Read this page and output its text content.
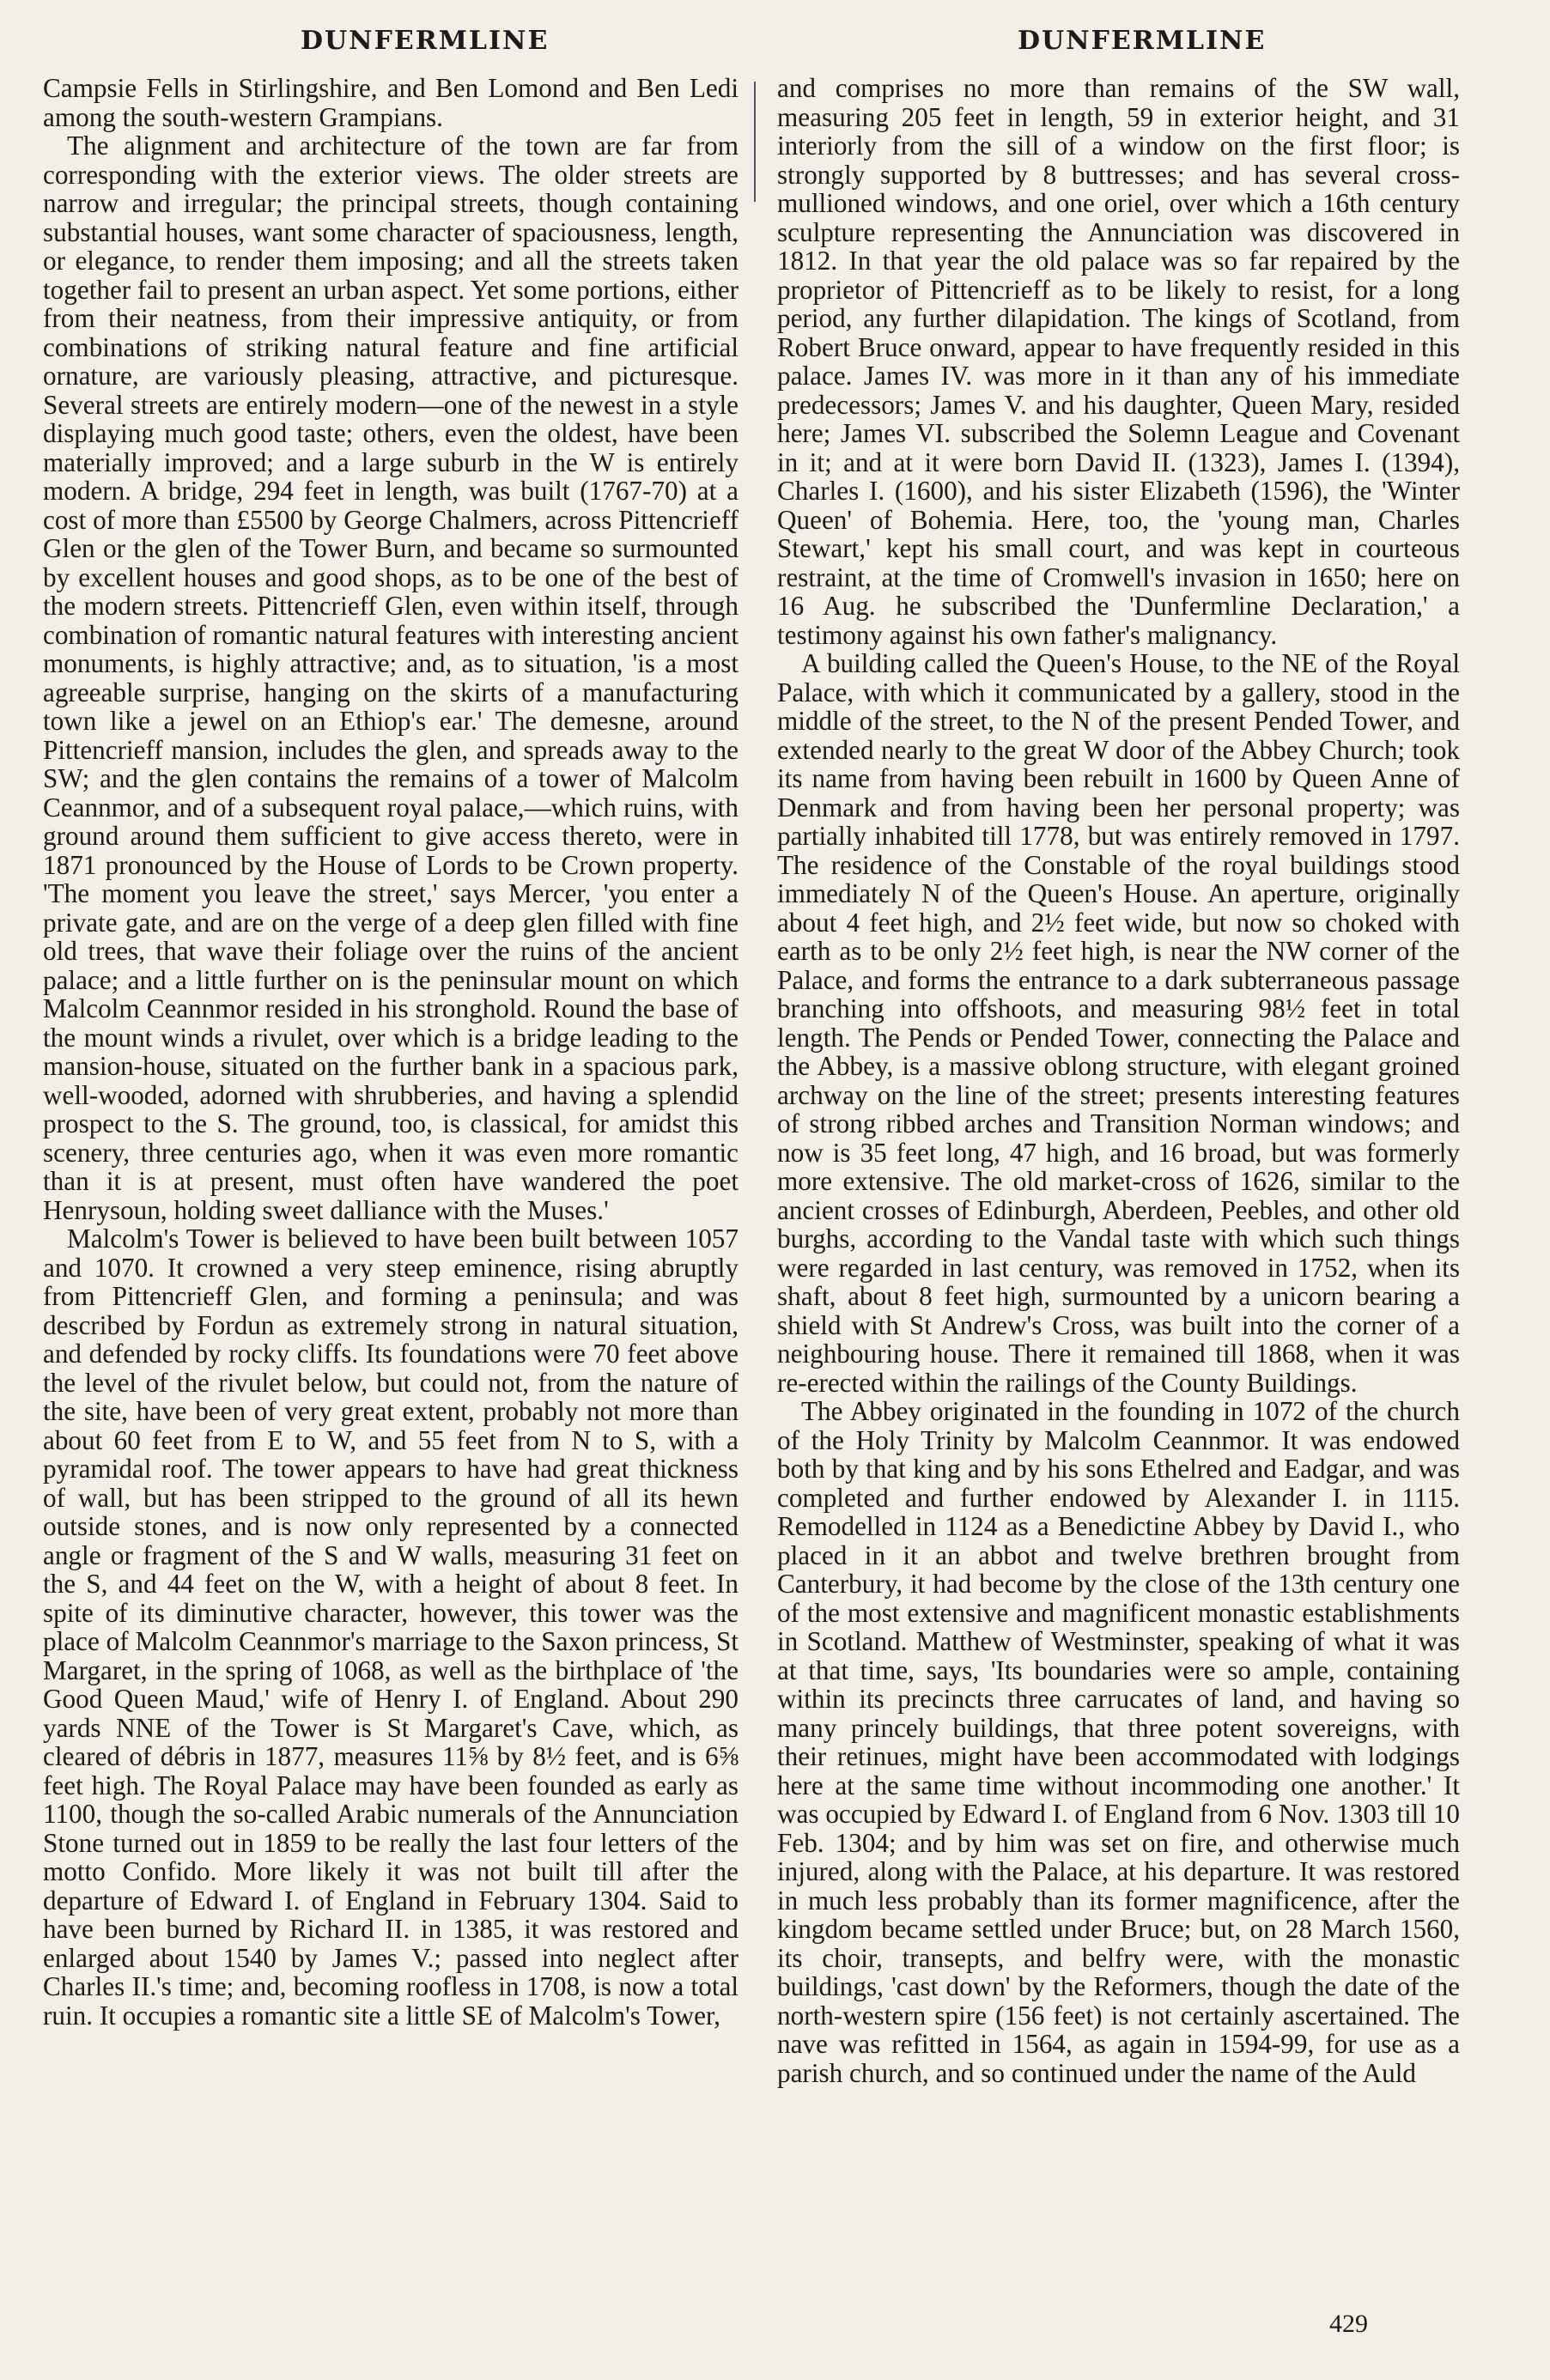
DUNFERMLINE	DUNFERMLINE

Campsie Fells in Stirlingshire, and Ben Lomond and Ben Ledi among the south-western Grampians.

The alignment and architecture of the town are far from corresponding with the exterior views. The older streets are narrow and irregular; the principal streets, though containing substantial houses, want some character of spaciousness, length, or elegance, to render them imposing; and all the streets taken together fail to present an urban aspect. Yet some portions, either from their neatness, from their impressive antiquity, or from combinations of striking natural feature and fine artificial ornature, are variously pleasing, attractive, and picturesque. Several streets are entirely modern—one of the newest in a style displaying much good taste; others, even the oldest, have been materially improved; and a large suburb in the W is entirely modern. A bridge, 294 feet in length, was built (1767-70) at a cost of more than £5500 by George Chalmers, across Pittencrieff Glen or the glen of the Tower Burn, and became so surmounted by excellent houses and good shops, as to be one of the best of the modern streets. Pittencrieff Glen, even within itself, through combination of romantic natural features with interesting ancient monuments, is highly attractive; and, as to situation, 'is a most agreeable surprise, hanging on the skirts of a manufacturing town like a jewel on an Ethiop's ear.' The demesne, around Pittencrieff mansion, includes the glen, and spreads away to the SW; and the glen contains the remains of a tower of Malcolm Ceannmor, and of a subsequent royal palace,—which ruins, with ground around them sufficient to give access thereto, were in 1871 pronounced by the House of Lords to be Crown property. 'The moment you leave the street,' says Mercer, 'you enter a private gate, and are on the verge of a deep glen filled with fine old trees, that wave their foliage over the ruins of the ancient palace; and a little further on is the peninsular mount on which Malcolm Ceannmor resided in his stronghold. Round the base of the mount winds a rivulet, over which is a bridge leading to the mansion-house, situated on the further bank in a spacious park, well-wooded, adorned with shrubberies, and having a splendid prospect to the S. The ground, too, is classical, for amidst this scenery, three centuries ago, when it was even more romantic than it is at present, must often have wandered the poet Henrysoun, holding sweet dalliance with the Muses.'

Malcolm's Tower is believed to have been built between 1057 and 1070. It crowned a very steep eminence, rising abruptly from Pittencrieff Glen, and forming a peninsula; and was described by Fordun as extremely strong in natural situation, and defended by rocky cliffs. Its foundations were 70 feet above the level of the rivulet below, but could not, from the nature of the site, have been of very great extent, probably not more than about 60 feet from E to W, and 55 feet from N to S, with a pyramidal roof. The tower appears to have had great thickness of wall, but has been stripped to the ground of all its hewn outside stones, and is now only represented by a connected angle or fragment of the S and W walls, measuring 31 feet on the S, and 44 feet on the W, with a height of about 8 feet. In spite of its diminutive character, however, this tower was the place of Malcolm Ceannmor's marriage to the Saxon princess, St Margaret, in the spring of 1068, as well as the birthplace of 'the Good Queen Maud,' wife of Henry I. of England. About 290 yards NNE of the Tower is St Margaret's Cave, which, as cleared of débris in 1877, measures 11⅝ by 8½ feet, and is 6⅝ feet high. The Royal Palace may have been founded as early as 1100, though the so-called Arabic numerals of the Annunciation Stone turned out in 1859 to be really the last four letters of the motto Confido. More likely it was not built till after the departure of Edward I. of England in February 1304. Said to have been burned by Richard II. in 1385, it was restored and enlarged about 1540 by James V.; passed into neglect after Charles II.'s time; and, becoming roofless in 1708, is now a total ruin. It occupies a romantic site a little SE of Malcolm's Tower,

and comprises no more than remains of the SW wall, measuring 205 feet in length, 59 in exterior height, and 31 interiorly from the sill of a window on the first floor; is strongly supported by 8 buttresses; and has several cross-mullioned windows, and one oriel, over which a 16th century sculpture representing the Annunciation was discovered in 1812. In that year the old palace was so far repaired by the proprietor of Pittencrieff as to be likely to resist, for a long period, any further dilapidation. The kings of Scotland, from Robert Bruce onward, appear to have frequently resided in this palace. James IV. was more in it than any of his immediate predecessors; James V. and his daughter, Queen Mary, resided here; James VI. subscribed the Solemn League and Covenant in it; and at it were born David II. (1323), James I. (1394), Charles I. (1600), and his sister Elizabeth (1596), the 'Winter Queen' of Bohemia. Here, too, the 'young man, Charles Stewart,' kept his small court, and was kept in courteous restraint, at the time of Cromwell's invasion in 1650; here on 16 Aug. he subscribed the 'Dunfermline Declaration,' a testimony against his own father's malignancy.

A building called the Queen's House, to the NE of the Royal Palace, with which it communicated by a gallery, stood in the middle of the street, to the N of the present Pended Tower, and extended nearly to the great W door of the Abbey Church; took its name from having been rebuilt in 1600 by Queen Anne of Denmark and from having been her personal property; was partially inhabited till 1778, but was entirely removed in 1797. The residence of the Constable of the royal buildings stood immediately N of the Queen's House. An aperture, originally about 4 feet high, and 2½ feet wide, but now so choked with earth as to be only 2½ feet high, is near the NW corner of the Palace, and forms the entrance to a dark subterraneous passage branching into offshoots, and measuring 98½ feet in total length. The Pends or Pended Tower, connecting the Palace and the Abbey, is a massive oblong structure, with elegant groined archway on the line of the street; presents interesting features of strong ribbed arches and Transition Norman windows; and now is 35 feet long, 47 high, and 16 broad, but was formerly more extensive. The old market-cross of 1626, similar to the ancient crosses of Edinburgh, Aberdeen, Peebles, and other old burghs, according to the Vandal taste with which such things were regarded in last century, was removed in 1752, when its shaft, about 8 feet high, surmounted by a unicorn bearing a shield with St Andrew's Cross, was built into the corner of a neighbouring house. There it remained till 1868, when it was re-erected within the railings of the County Buildings.

The Abbey originated in the founding in 1072 of the church of the Holy Trinity by Malcolm Ceannmor. It was endowed both by that king and by his sons Ethelred and Eadgar, and was completed and further endowed by Alexander I. in 1115. Remodelled in 1124 as a Benedictine Abbey by David I., who placed in it an abbot and twelve brethren brought from Canterbury, it had become by the close of the 13th century one of the most extensive and magnificent monastic establishments in Scotland. Matthew of Westminster, speaking of what it was at that time, says, 'Its boundaries were so ample, containing within its precincts three carrucates of land, and having so many princely buildings, that three potent sovereigns, with their retinues, might have been accommodated with lodgings here at the same time without incommoding one another.' It was occupied by Edward I. of England from 6 Nov. 1303 till 10 Feb. 1304; and by him was set on fire, and otherwise much injured, along with the Palace, at his departure. It was restored in much less probably than its former magnificence, after the kingdom became settled under Bruce; but, on 28 March 1560, its choir, transepts, and belfry were, with the monastic buildings, 'cast down' by the Reformers, though the date of the north-western spire (156 feet) is not certainly ascertained. The nave was refitted in 1564, as again in 1594-99, for use as a parish church, and so continued under the name of the Auld

429
